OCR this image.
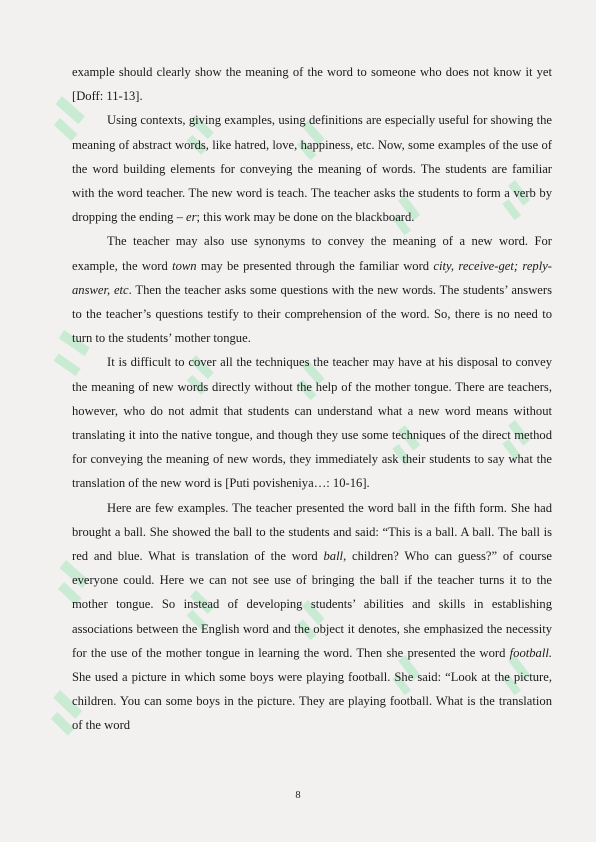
example should clearly show the meaning of the word to someone who does not know it yet [Doff: 11-13].

Using contexts, giving examples, using definitions are especially useful for showing the meaning of abstract words, like hatred, love, happiness, etc. Now, some examples of the use of the word building elements for conveying the meaning of words. The students are familiar with the word teacher. The new word is teach. The teacher asks the students to form a verb by dropping the ending – er; this work may be done on the blackboard.

The teacher may also use synonyms to convey the meaning of a new word. For example, the word town may be presented through the familiar word city, receive-get; reply-answer, etc. Then the teacher asks some questions with the new words. The students’ answers to the teacher’s questions testify to their comprehension of the word. So, there is no need to turn to the students’ mother tongue.

It is difficult to cover all the techniques the teacher may have at his disposal to convey the meaning of new words directly without the help of the mother tongue. There are teachers, however, who do not admit that students can understand what a new word means without translating it into the native tongue, and though they use some techniques of the direct method for conveying the meaning of new words, they immediately ask their students to say what the translation of the new word is [Puti povisheniya…: 10-16].

Here are few examples. The teacher presented the word ball in the fifth form. She had brought a ball. She showed the ball to the students and said: “This is a ball. A ball. The ball is red and blue. What is translation of the word ball, children? Who can guess?” of course everyone could. Here we can not see use of bringing the ball if the teacher turns it to the mother tongue. So instead of developing students’ abilities and skills in establishing associations between the English word and the object it denotes, she emphasized the necessity for the use of the mother tongue in learning the word. Then she presented the word football. She used a picture in which some boys were playing football. She said: “Look at the picture, children. You can some boys in the picture. They are playing football. What is the translation of the word

8
